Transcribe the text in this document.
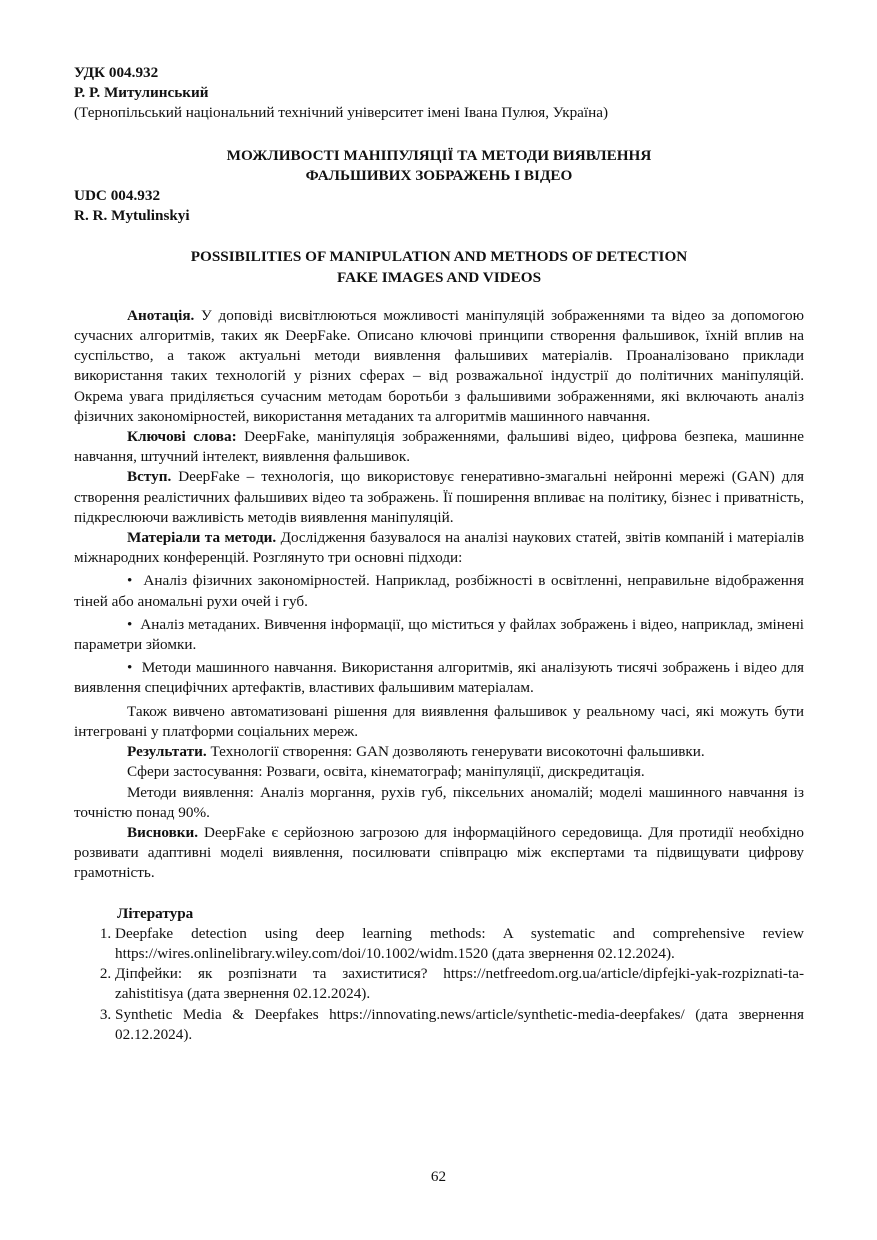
УДК 004.932
Р. Р. Митулинський
(Тернопільський національний технічний університет імені Івана Пулюя, Україна)
МОЖЛИВОСТІ МАНІПУЛЯЦІЇ ТА МЕТОДИ ВИЯВЛЕННЯ
ФАЛЬШИВИХ ЗОБРАЖЕНЬ І ВІДЕО
UDC 004.932
R. R. Mytulinskyi
POSSIBILITIES OF MANIPULATION AND METHODS OF DETECTION
FAKE IMAGES AND VIDEOS

Анотація. У доповіді висвітлюються можливості маніпуляцій зображеннями та відео за допомогою сучасних алгоритмів, таких як DeepFake. Описано ключові принципи створення фальшивок, їхній вплив на суспільство, а також актуальні методи виявлення фальшивих матеріалів. Проаналізовано приклади використання таких технологій у різних сферах – від розважальної індустрії до політичних маніпуляцій. Окрема увага приділяється сучасним методам боротьби з фальшивими зображеннями, які включають аналіз фізичних закономірностей, використання метаданих та алгоритмів машинного навчання.

Ключові слова: DeepFake, маніпуляція зображеннями, фальшиві відео, цифрова безпека, машинне навчання, штучний інтелект, виявлення фальшивок.

Вступ. DeepFake – технологія, що використовує генеративно-змагальні нейронні мережі (GAN) для створення реалістичних фальшивих відео та зображень. Її поширення впливає на політику, бізнес і приватність, підкреслюючи важливість методів виявлення маніпуляцій.

Матеріали та методи. Дослідження базувалося на аналізі наукових статей, звітів компаній і матеріалів міжнародних конференцій. Розглянуто три основні підходи:

•  Аналіз фізичних закономірностей. Наприклад, розбіжності в освітленні, неправильне відображення тіней або аномальні рухи очей і губ.

•  Аналіз метаданих. Вивчення інформації, що міститься у файлах зображень і відео, наприклад, змінені параметри зйомки.

•  Методи машинного навчання. Використання алгоритмів, які аналізують тисячі зображень і відео для виявлення специфічних артефактів, властивих фальшивим матеріалам.

Також вивчено автоматизовані рішення для виявлення фальшивок у реальному часі, які можуть бути інтегровані у платформи соціальних мереж.

Результати. Технології створення: GAN дозволяють генерувати високоточні фальшивки.

Сфери застосування: Розваги, освіта, кінематограф; маніпуляції, дискредитація.

Методи виявлення: Аналіз моргання, рухів губ, піксельних аномалій; моделі машинного навчання із точністю понад 90%.

Висновки. DeepFake є серйозною загрозою для інформаційного середовища. Для протидії необхідно розвивати адаптивні моделі виявлення, посилювати співпрацю між експертами та підвищувати цифрову грамотність.

Література
1. Deepfake detection using deep learning methods: A systematic and comprehensive review https://wires.onlinelibrary.wiley.com/doi/10.1002/widm.1520 (дата звернення 02.12.2024).
2. Діпфейки: як розпізнати та захиститися? https://netfreedom.org.ua/article/dipfejki-yak-rozpiznati-ta-zahistitisya (дата звернення 02.12.2024).
3. Synthetic Media & Deepfakes https://innovating.news/article/synthetic-media-deepfakes/ (дата звернення 02.12.2024).
62
